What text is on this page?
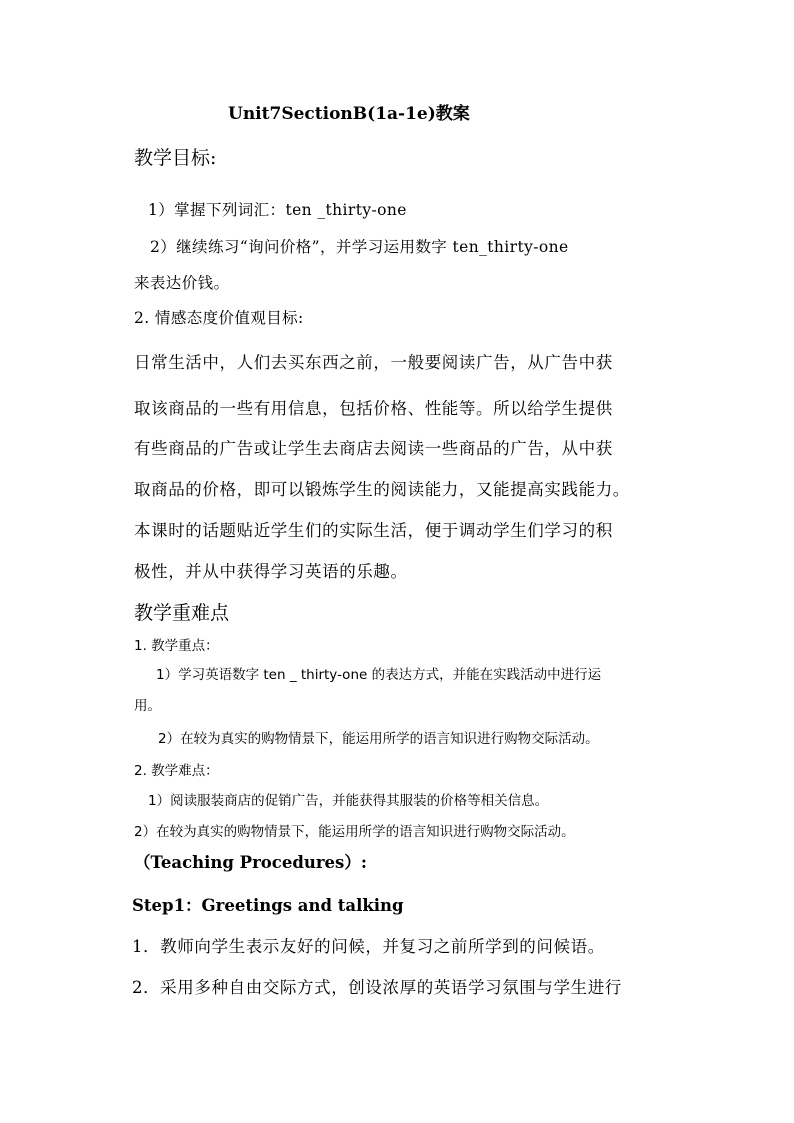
Unit7SectionB(1a-1e)教案
教学目标:
1）掌握下列词汇：ten _thirty-one
2）继续练习“询问价格”，并学习运用数字 ten_thirty-one
来表达价钱。
2. 情感态度价值观目标:
日常生活中，人们去买东西之前，一般要阅读广告，从广告中获
取该商品的一些有用信息，包括价格、性能等。所以给学生提供
有些商品的广告或让学生去商店去阅读一些商品的广告，从中获
取商品的价格，即可以锻炼学生的阅读能力，又能提高实践能力。
本课时的话题贴近学生们的实际生活，便于调动学生们学习的积
极性，并从中获得学习英语的乐趣。
教学重难点
1. 教学重点：
1）学习英语数字 ten _ thirty-one 的表达方式，并能在实践活动中进行运
用。
2）在较为真实的购物情景下，能运用所学的语言知识进行购物交际活动。
2. 教学难点：
1）阅读服装商店的促销广告，并能获得其服装的价格等相关信息。
2）在较为真实的购物情景下，能运用所学的语言知识进行购物交际活动。
（Teaching Procedures）:
Step1：Greetings and talking
1．教师向学生表示友好的问候，并复习之前所学到的问候语。
2．采用多种自由交际方式，创设浓厚的英语学习氛围与学生进行
